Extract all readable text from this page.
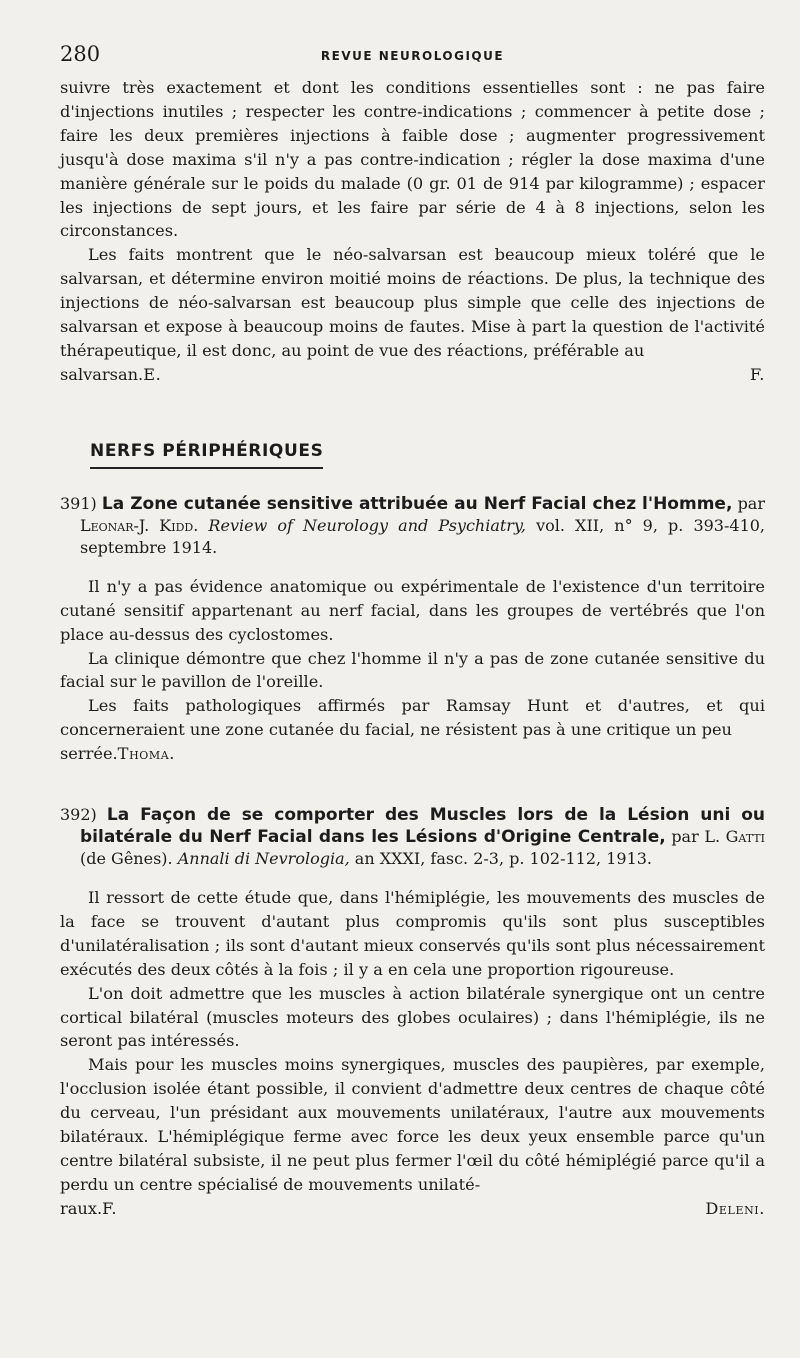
280	REVUE NEUROLOGIQUE

suivre très exactement et dont les conditions essentielles sont : ne pas faire d'injections inutiles ; respecter les contre-indications ; commencer à petite dose ; faire les deux premières injections à faible dose ; augmenter progressivement jusqu'à dose maxima s'il n'y a pas contre-indication ; régler la dose maxima d'une manière générale sur le poids du malade (0 gr. 01 de 914 par kilogramme) ; espacer les injections de sept jours, et les faire par série de 4 à 8 injections, selon les circonstances.

Les faits montrent que le néo-salvarsan est beaucoup mieux toléré que le salvarsan, et détermine environ moitié moins de réactions. De plus, la technique des injections de néo-salvarsan est beaucoup plus simple que celle des injections de salvarsan et expose à beaucoup moins de fautes. Mise à part la question de l'activité thérapeutique, il est donc, au point de vue des réactions, préférable au

salvarsan.E. F.

NERFS PÉRIPHÉRIQUES
391) La Zone cutanée sensitive attribuée au Nerf Facial chez l'Homme, par Leonar-J. Kidd. Review of Neurology and Psychiatry, vol. XII, n° 9, p. 393-410, septembre 1914.

Il n'y a pas évidence anatomique ou expérimentale de l'existence d'un territoire cutané sensitif appartenant au nerf facial, dans les groupes de vertébrés que l'on place au-dessus des cyclostomes.

La clinique démontre que chez l'homme il n'y a pas de zone cutanée sensitive du facial sur le pavillon de l'oreille.

Les faits pathologiques affirmés par Ramsay Hunt et d'autres, et qui concerneraient une zone cutanée du facial, ne résistent pas à une critique un peu

serrée.Thoma.

392) La Façon de se comporter des Muscles lors de la Lésion uni ou bilatérale du Nerf Facial dans les Lésions d'Origine Centrale, par L. Gatti (de Gênes). Annali di Nevrologia, an XXXI, fasc. 2-3, p. 102-112, 1913.

Il ressort de cette étude que, dans l'hémiplégie, les mouvements des muscles de la face se trouvent d'autant plus compromis qu'ils sont plus susceptibles d'unilatéralisation ; ils sont d'autant mieux conservés qu'ils sont plus nécessairement exécutés des deux côtés à la fois ; il y a en cela une proportion rigoureuse.

L'on doit admettre que les muscles à action bilatérale synergique ont un centre cortical bilatéral (muscles moteurs des globes oculaires) ; dans l'hémiplégie, ils ne seront pas intéressés.

Mais pour les muscles moins synergiques, muscles des paupières, par exemple, l'occlusion isolée étant possible, il convient d'admettre deux centres de chaque côté du cerveau, l'un présidant aux mouvements unilatéraux, l'autre aux mouvements bilatéraux. L'hémiplégique ferme avec force les deux yeux ensemble parce qu'un centre bilatéral subsiste, il ne peut plus fermer l'œil du côté hémiplégié parce qu'il a perdu un centre spécialisé de mouvements unilaté-

raux.F. Deleni.
